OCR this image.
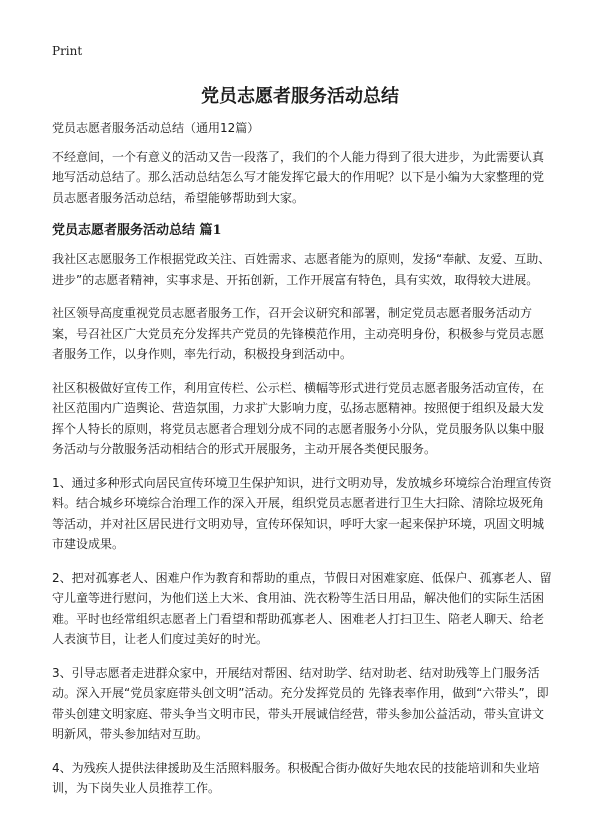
Print
党员志愿者服务活动总结

党员志愿者服务活动总结（通用12篇）

不经意间，一个有意义的活动又告一段落了，我们的个人能力得到了很大进步，为此需要认真地写活动总结了。那么活动总结怎么写才能发挥它最大的作用呢？以下是小编为大家整理的党员志愿者服务活动总结，希望能够帮助到大家。

党员志愿者服务活动总结 篇1

我社区志愿服务工作根据党政关注、百姓需求、志愿者能为的原则，发扬“奉献、友爱、互助、进步”的志愿者精神，实事求是、开拓创新，工作开展富有特色，具有实效，取得较大进展。

社区领导高度重视党员志愿者服务工作，召开会议研究和部署，制定党员志愿者服务活动方案，号召社区广大党员充分发挥共产党员的先锋模范作用，主动亮明身份，积极参与党员志愿者服务工作，以身作则，率先行动，积极投身到活动中。

社区积极做好宣传工作，利用宣传栏、公示栏、横幅等形式进行党员志愿者服务活动宣传，在社区范围内广造舆论、营造氛围，力求扩大影响力度，弘扬志愿精神。按照便于组织及最大发挥个人特长的原则，将党员志愿者合理划分成不同的志愿者服务小分队，党员服务队以集中服务活动与分散服务活动相结合的形式开展服务，主动开展各类便民服务。

1、通过多种形式向居民宣传环境卫生保护知识，进行文明劝导，发放城乡环境综合治理宣传资料。结合城乡环境综合治理工作的深入开展，组织党员志愿者进行卫生大扫除、清除垃圾死角等活动，并对社区居民进行文明劝导，宣传环保知识，呼吁大家一起来保护环境，巩固文明城市建设成果。

2、把对孤寡老人、困难户作为教育和帮助的重点，节假日对困难家庭、低保户、孤寡老人、留守儿童等进行慰问，为他们送上大米、食用油、洗衣粉等生活日用品，解决他们的实际生活困难。平时也经常组织志愿者上门看望和帮助孤寡老人、困难老人打扫卫生、陪老人聊天、给老人表演节目，让老人们度过美好的时光。

3、引导志愿者走进群众家中，开展结对帮困、结对助学、结对助老、结对助残等上门服务活动。深入开展“党员家庭带头创文明”活动。充分发挥党员的 先锋表率作用，做到“六带头”，即带头创建文明家庭、带头争当文明市民，带头开展诚信经营，带头参加公益活动，带头宣讲文明新风，带头参加结对互助。

4、为残疾人提供法律援助及生活照料服务。积极配合街办做好失地农民的技能培训和失业培训，为下岗失业人员推荐工作。
